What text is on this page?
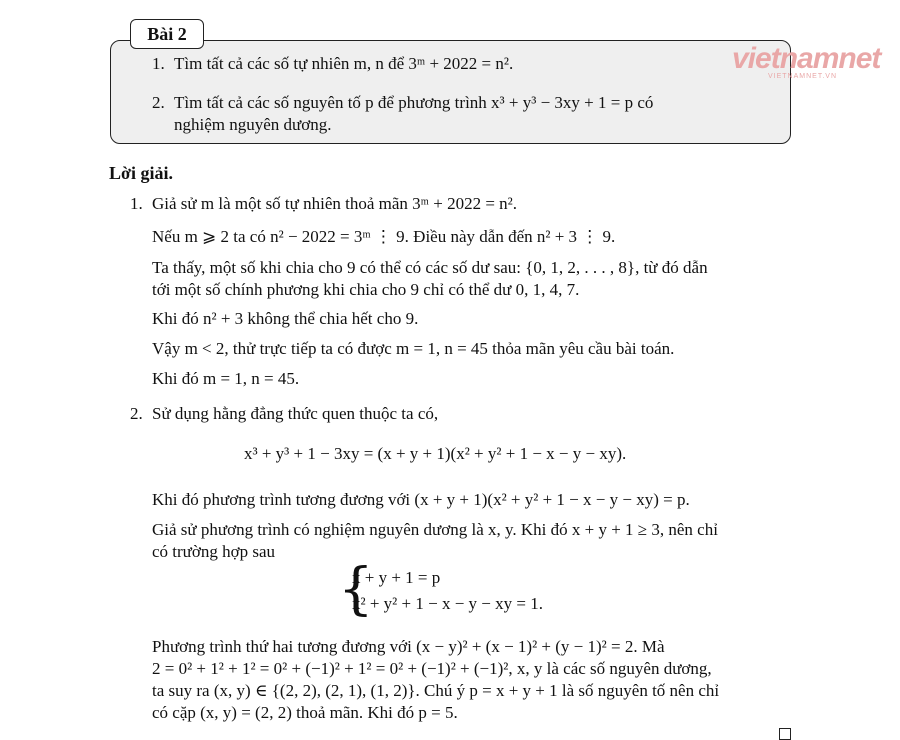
Bài 2
vietnamnet
VIETNAMNET.VN
1. Tìm tất cả các số tự nhiên m, n để 3ᵐ + 2022 = n².
2. Tìm tất cả các số nguyên tố p để phương trình x³ + y³ − 3xy + 1 = p có
nghiệm nguyên dương.
Lời giải.
1. Giả sử m là một số tự nhiên thoả mãn 3ᵐ + 2022 = n².
Nếu m ⩾ 2 ta có n² − 2022 = 3ᵐ ⋮ 9. Điều này dẫn đến n² + 3 ⋮ 9.
Ta thấy, một số khi chia cho 9 có thể có các số dư sau: {0, 1, 2, . . . , 8}, từ đó dẫn
tới một số chính phương khi chia cho 9 chỉ có thể dư 0, 1, 4, 7.
Khi đó n² + 3 không thể chia hết cho 9.
Vậy m < 2, thử trực tiếp ta có được m = 1, n = 45 thỏa mãn yêu cầu bài toán.
Khi đó m = 1, n = 45.
2. Sử dụng hằng đẳng thức quen thuộc ta có,
x³ + y³ + 1 − 3xy = (x + y + 1)(x² + y² + 1 − x − y − xy).
Khi đó phương trình tương đương với (x + y + 1)(x² + y² + 1 − x − y − xy) = p.
Giả sử phương trình có nghiệm nguyên dương là x, y. Khi đó x + y + 1 ≥ 3, nên chỉ
có trường hợp sau
{
x + y + 1 = p
x² + y² + 1 − x − y − xy = 1.
Phương trình thứ hai tương đương với (x − y)² + (x − 1)² + (y − 1)² = 2. Mà
2 = 0² + 1² + 1² = 0² + (−1)² + 1² = 0² + (−1)² + (−1)², x, y là các số nguyên dương,
ta suy ra (x, y) ∈ {(2, 2), (2, 1), (1, 2)}. Chú ý p = x + y + 1 là số nguyên tố nên chỉ
có cặp (x, y) = (2, 2) thoả mãn. Khi đó p = 5.
